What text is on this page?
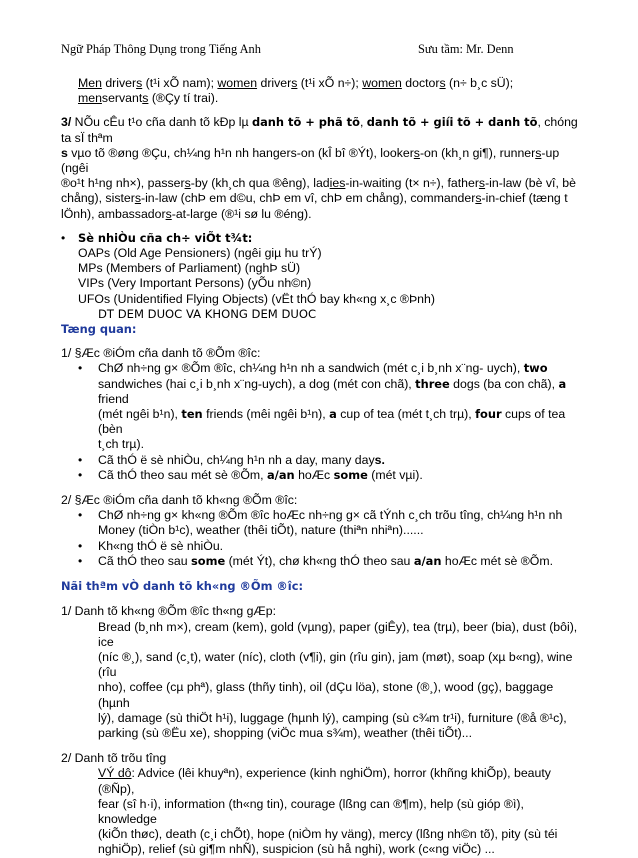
Ngữ Pháp Thông Dụng trong Tiếng Anh	Sưu tầm: Mr. Denn

Men drivers (t¹i xÕ nam); women drivers (t¹i xÕ n÷); women doctors (n÷ b¸c sÜ);

menservants (®Çy tí trai).

3/ NÕu cÊu t¹o cña danh tõ kÐp lµ danh tõ + phã tõ, danh tõ + giíi tõ + danh tõ, chóng ta sÏ thªm

s vµo tõ ®øng ®Çu, ch¼ng h¹n nh hangers-on (kÎ bî ®Ýt), lookers-on (kh¸n gi¶), runners-up (ngêi

®o¹t h¹ng nh×), passers-by (kh¸ch qua ®êng), ladies-in-waiting (t× n÷), fathers-in-law (bè vî, bè

chång), sisters-in-law (chÞ em d©u, chÞ em vî, chÞ em chång), commanders-in-chief (tæng t

lÖnh), ambassadors-at-large (®¹i sø lu ®éng).

• Sè nhiÒu cña ch÷ viÕt t¾t:

OAPs (Old Age Pensioners) (ngêi giµ hu trÝ)

MPs (Members of Parliament) (nghÞ sÜ)

VIPs (Very Important Persons) (yÕu nh©n)

UFOs (Unidentified Flying Objects) (vËt thÓ bay kh«ng x¸c ®Þnh)

DT DEM DUOC VA KHONG DEM DUOC

Tæng quan:

1/ §Æc ®iÓm cña danh tõ ®Õm ®îc:

• ChØ nh÷ng g× ®Õm ®îc, ch¼ng h¹n nh a sandwich (mét c¸i b¸nh x¨ng- uych), two
sandwiches (hai c¸i b¸nh x¨ng-uych), a dog (mét con chã), three dogs (ba con chã), a friend
(mét ngêi b¹n), ten friends (mêi ngêi b¹n), a cup of tea (mét t¸ch trµ), four cups of tea (bèn
t¸ch trµ).
• Cã thÓ ë sè nhiÒu, ch¼ng h¹n nh a day, many days.
• Cã thÓ theo sau mét sè ®Õm, a/an hoÆc some (mét vµi).

2/ §Æc ®iÓm cña danh tõ kh«ng ®Õm ®îc:

• ChØ nh÷ng g× kh«ng ®Õm ®îc hoÆc nh÷ng g× cã tÝnh c¸ch trõu tîng, ch¼ng h¹n nh
Money (tiÒn b¹c), weather (thêi tiÕt), nature (thiªn nhiªn)......
• Kh«ng thÓ ë sè nhiÒu.
• Cã thÓ theo sau some (mét Ýt), chø kh«ng thÓ theo sau a/an hoÆc mét sè ®Õm.

Nãi thªm vÒ danh tõ kh«ng ®Õm ®îc:

1/ Danh tõ kh«ng ®Õm ®îc th«ng gÆp:

Bread (b¸nh m×), cream (kem), gold (vµng), paper (giÊy), tea (trµ), beer (bia), dust (bôi), ice

(níc ®¸), sand (c¸t), water (níc), cloth (v¶i), gin (rîu gin), jam (møt), soap (xµ b«ng), wine (rîu

nho), coffee (cµ phª), glass (thñy tinh), oil (dÇu löa), stone (®¸), wood (gç), baggage (hµnh

lý), damage (sù thiÖt h¹i), luggage (hµnh lý), camping (sù c¾m tr¹i), furniture (®å ®¹c),

parking (sù ®Ëu xe), shopping (viÖc mua s¾m), weather (thêi tiÕt)...

2/ Danh tõ trõu tîng

VÝ dô: Advice (lêi khuyªn), experience (kinh nghiÖm), horror (khñng khiÕp), beauty (®Ñp),

fear (sî h·i), information (th«ng tin), courage (lßng can ®¶m), help (sù gióp ®ì), knowledge

(kiÕn thøc), death (c¸i chÕt), hope (niÒm hy väng), mercy (lßng nh©n tõ), pity (sù téi

nghiÖp), relief (sù gi¶m nhÑ), suspicion (sù hå nghi), work (c«ng viÖc) ...
